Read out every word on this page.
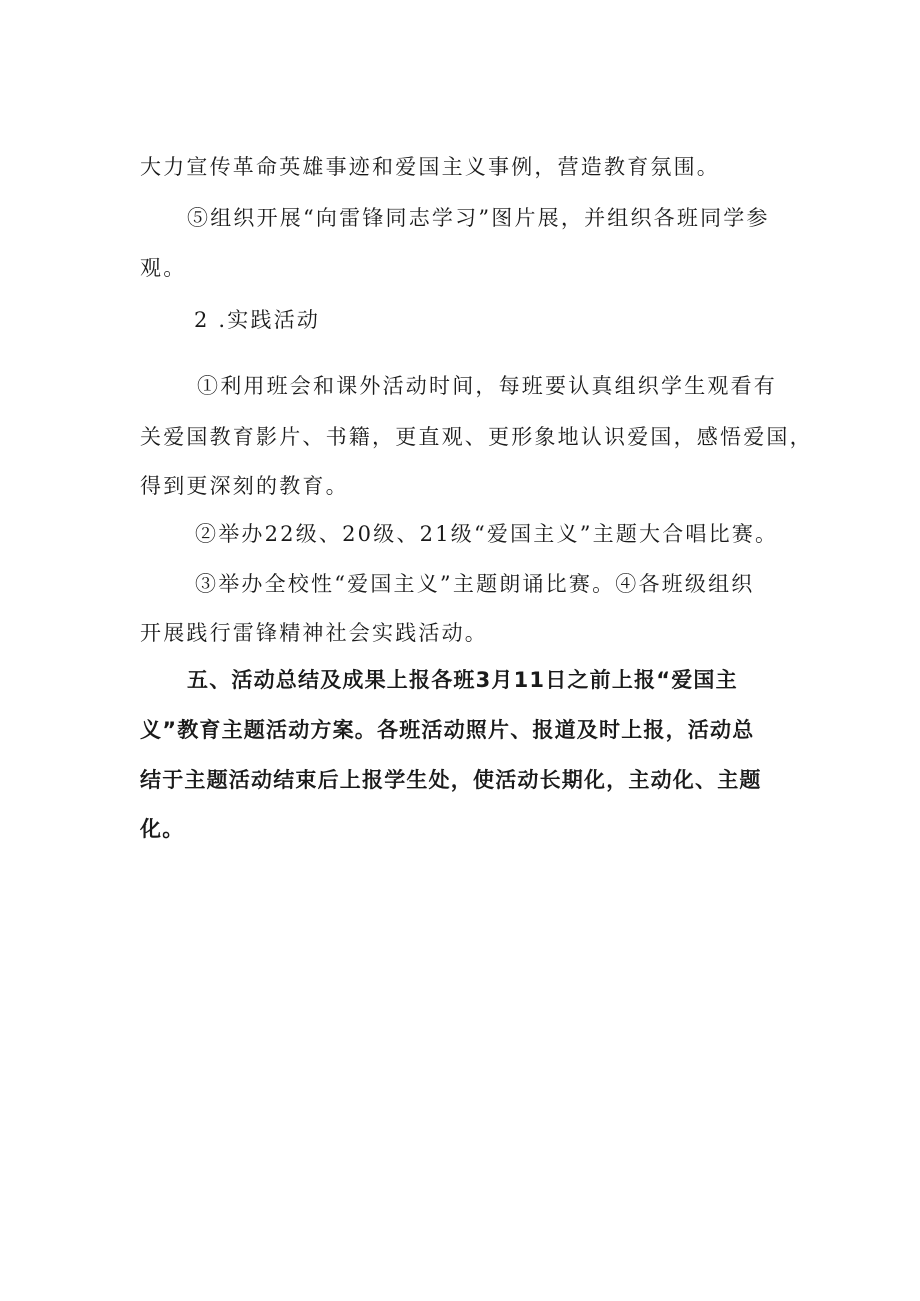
大力宣传革命英雄事迹和爱国主义事例，营造教育氛围。
⑤组织开展“向雷锋同志学习”图片展，并组织各班同学参
观。
2 .实践活动
①利用班会和课外活动时间，每班要认真组织学生观看有
关爱国教育影片、书籍，更直观、更形象地认识爱国，感悟爱国，
得到更深刻的教育。
②举办22级、20级、21级“爱国主义”主题大合唱比赛。
③举办全校性“爱国主义”主题朗诵比赛。④各班级组织
开展践行雷锋精神社会实践活动。
五、活动总结及成果上报各班3月11日之前上报“爱国主
义”教育主题活动方案。各班活动照片、报道及时上报，活动总
结于主题活动结束后上报学生处，使活动长期化，主动化、主题
化。
